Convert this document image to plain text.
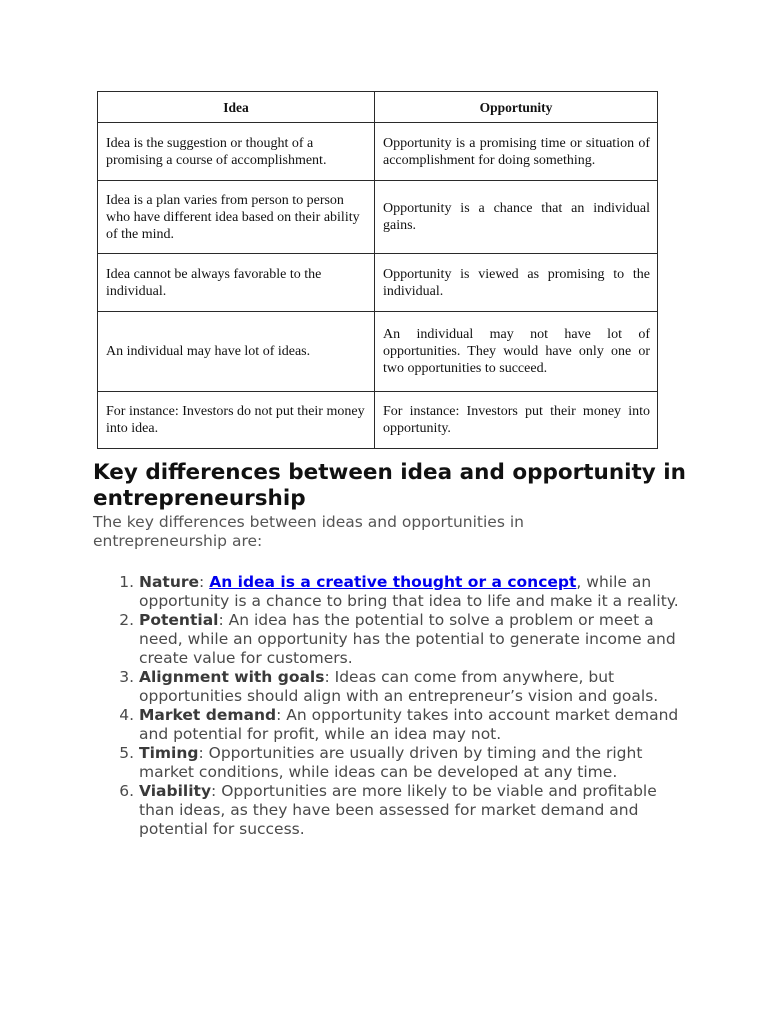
Idea	Opportunity
Idea is the suggestion or thought of a promising a course of accomplishment.	Opportunity is a promising time or situation of accomplishment for doing something.
Idea is a plan varies from person to person who have different idea based on their ability of the mind.	Opportunity is a chance that an individual gains.
Idea cannot be always favorable to the individual.	Opportunity is viewed as promising to the individual.
An individual may have lot of ideas.	An individual may not have lot of opportunities. They would have only one or two opportunities to succeed.
For instance: Investors do not put their money into idea.	For instance: Investors put their money into opportunity.
Key differences between idea and opportunity in entrepreneurship

The key differences between ideas and opportunities in entrepreneurship are:

1. Nature: An idea is a creative thought or a concept, while an opportunity is a chance to bring that idea to life and make it a reality.
2. Potential: An idea has the potential to solve a problem or meet a need, while an opportunity has the potential to generate income and create value for customers.
3. Alignment with goals: Ideas can come from anywhere, but opportunities should align with an entrepreneur’s vision and goals.
4. Market demand: An opportunity takes into account market demand and potential for profit, while an idea may not.
5. Timing: Opportunities are usually driven by timing and the right market conditions, while ideas can be developed at any time.
6. Viability: Opportunities are more likely to be viable and profitable than ideas, as they have been assessed for market demand and potential for success.
